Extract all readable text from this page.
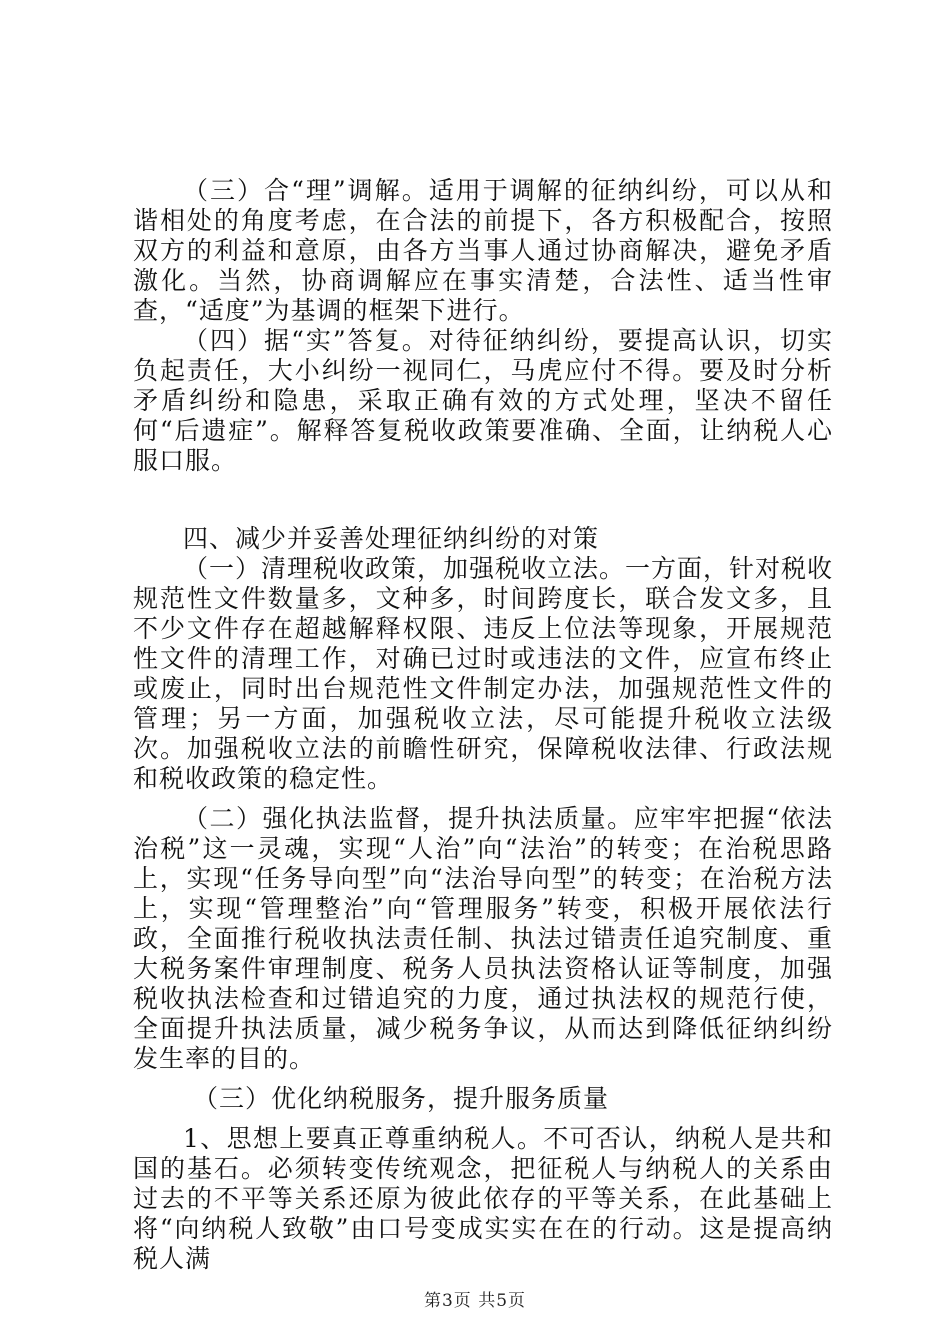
（三）合“理”调解。适用于调解的征纳纠纷，可以从和谐相处的角度考虑，在合法的前提下，各方积极配合，按照双方的利益和意原，由各方当事人通过协商解决，避免矛盾激化。当然，协商调解应在事实清楚，合法性、适当性审查，“适度”为基调的框架下进行。

（四）据“实”答复。对待征纳纠纷，要提高认识，切实负起责任，大小纠纷一视同仁，马虎应付不得。要及时分析矛盾纠纷和隐患，采取正确有效的方式处理，坚决不留任何“后遗症”。解释答复税收政策要准确、全面，让纳税人心服口服。

四、减少并妥善处理征纳纠纷的对策

（一）清理税收政策，加强税收立法。一方面，针对税收规范性文件数量多，文种多，时间跨度长，联合发文多，且不少文件存在超越解释权限、违反上位法等现象，开展规范性文件的清理工作，对确已过时或违法的文件，应宣布终止或废止，同时出台规范性文件制定办法，加强规范性文件的管理；另一方面，加强税收立法，尽可能提升税收立法级次。加强税收立法的前瞻性研究，保障税收法律、行政法规和税收政策的稳定性。

（二）强化执法监督，提升执法质量。应牢牢把握“依法治税”这一灵魂，实现“人治”向“法治”的转变；在治税思路上，实现“任务导向型”向“法治导向型”的转变；在治税方法上，实现“管理整治”向“管理服务”转变，积极开展依法行政，全面推行税收执法责任制、执法过错责任追究制度、重大税务案件审理制度、税务人员执法资格认证等制度，加强税收执法检查和过错追究的力度，通过执法权的规范行使，全面提升执法质量，减少税务争议，从而达到降低征纳纠纷发生率的目的。

（三）优化纳税服务，提升服务质量

1、思想上要真正尊重纳税人。不可否认，纳税人是共和国的基石。必须转变传统观念，把征税人与纳税人的关系由过去的不平等关系还原为彼此依存的平等关系，在此基础上将“向纳税人致敬”由口号变成实实在在的行动。这是提高纳税人满

第3页 共5页
